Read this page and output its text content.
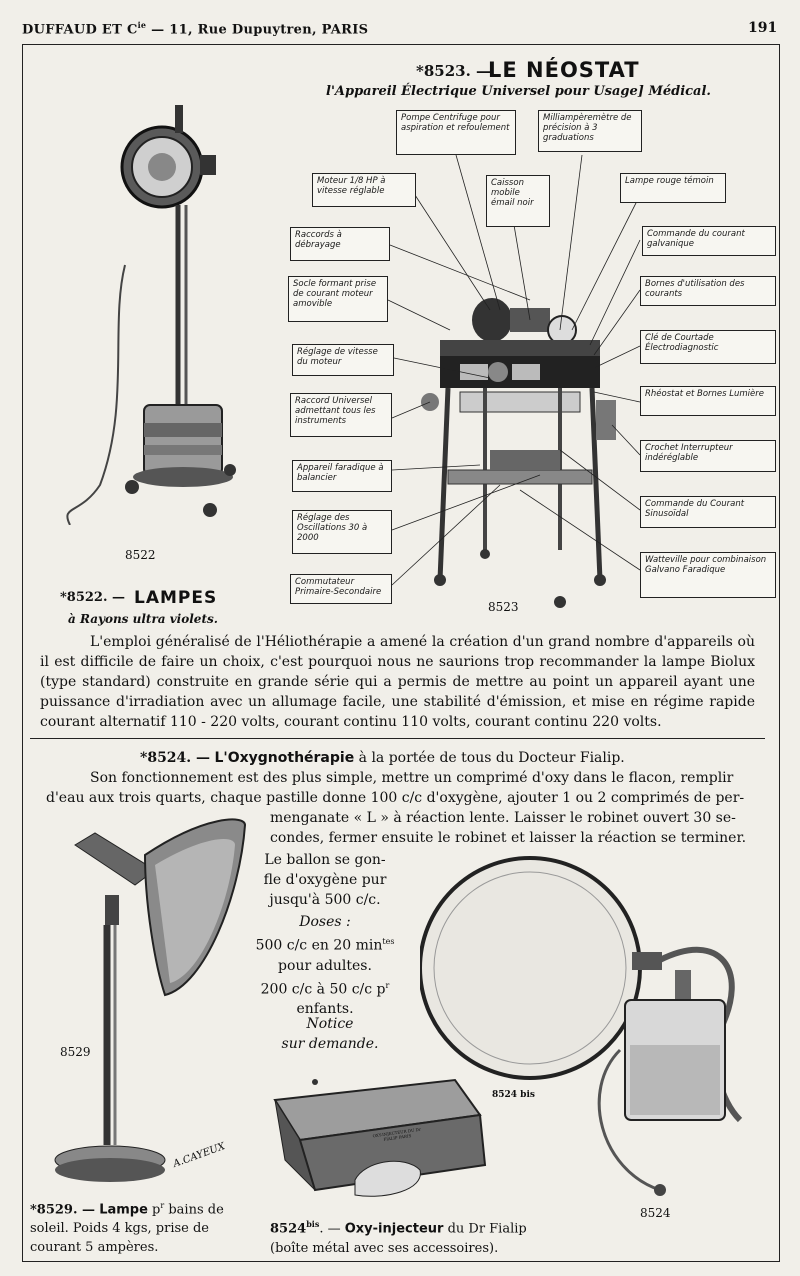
DUFFAUD ET $C^{ie}$ — 11, Rue Dupuytren, PARIS	191
*8523. —
LE NÉOSTAT
l'Appareil Électrique Universel pour Usage] Médical.
8522
*8522. — LAMPES
à Rayons ultra violets.
8523
Pompe Centrifuge pour aspiration et refoulement
Milliampèremètre de précision à 3 graduations
Moteur 1/8 HP à vitesse réglable
Caisson mobile émail noir
Lampe rouge témoin
Commande du courant galvanique
Raccords à débrayage
Socle formant prise de courant moteur amovible
Bornes d'utilisation des courants
Clé de Courtade Électrodiagnostic
Réglage de vitesse du moteur
Rhéostat et Bornes Lumière
Raccord Universel admettant tous les instruments
Crochet Interrupteur indéréglable
Appareil faradique à balancier
Commande du Courant Sinusoïdal
Réglage des Oscillations 30 à 2000
Watteville pour combinaison Galvano Faradique
Commutateur Primaire-Secondaire
L'emploi généralisé de l'Héliothérapie a amené la création d'un grand nombre d'appareils où il est difficile de faire un choix, c'est pourquoi nous ne saurions trop recommander la lampe Biolux (type standard) construite en grande série qui a permis de mettre au point un appareil ayant une puissance d'irradiation avec un allumage facile, une stabilité d'émission, et mise en régime rapide courant alternatif 110 - 220 volts, courant continu 110 volts, courant continu 220 volts.
*8524. — L'Oxygnothérapie à la portée de tous du Docteur Fialip.
Son fonctionnement est des plus simple, mettre un comprimé d'oxy dans le flacon, remplir
d'eau aux trois quarts, chaque pastille donne 100 c/c d'oxygène, ajouter 1 ou 2 comprimés de per-
menganate « L » à réaction lente. Laisser le robinet ouvert 30 se-
condes, fermer ensuite le robinet et laisser la réaction se terminer.
Le ballon se gon-
fle d'oxygène pur
jusqu'à 500 c/c.
Doses :
500 c/c en 20 $\min^{tes}$
pour adultes.
200 c/c à 50 c/c $p^r$
enfants.
Notice
sur demande.
8529
A.CAYEUX
*8529. — Lampe $p^r$ bains de
soleil. Poids 4 kgs, prise de
courant 5 ampères.
OXY-INJECTEUR DU Dr FIALIP PARIS
8524 bis
$8524^{bis}$. — Oxy-injecteur du Dr Fialip
(boîte métal avec ses accessoires).
8524
